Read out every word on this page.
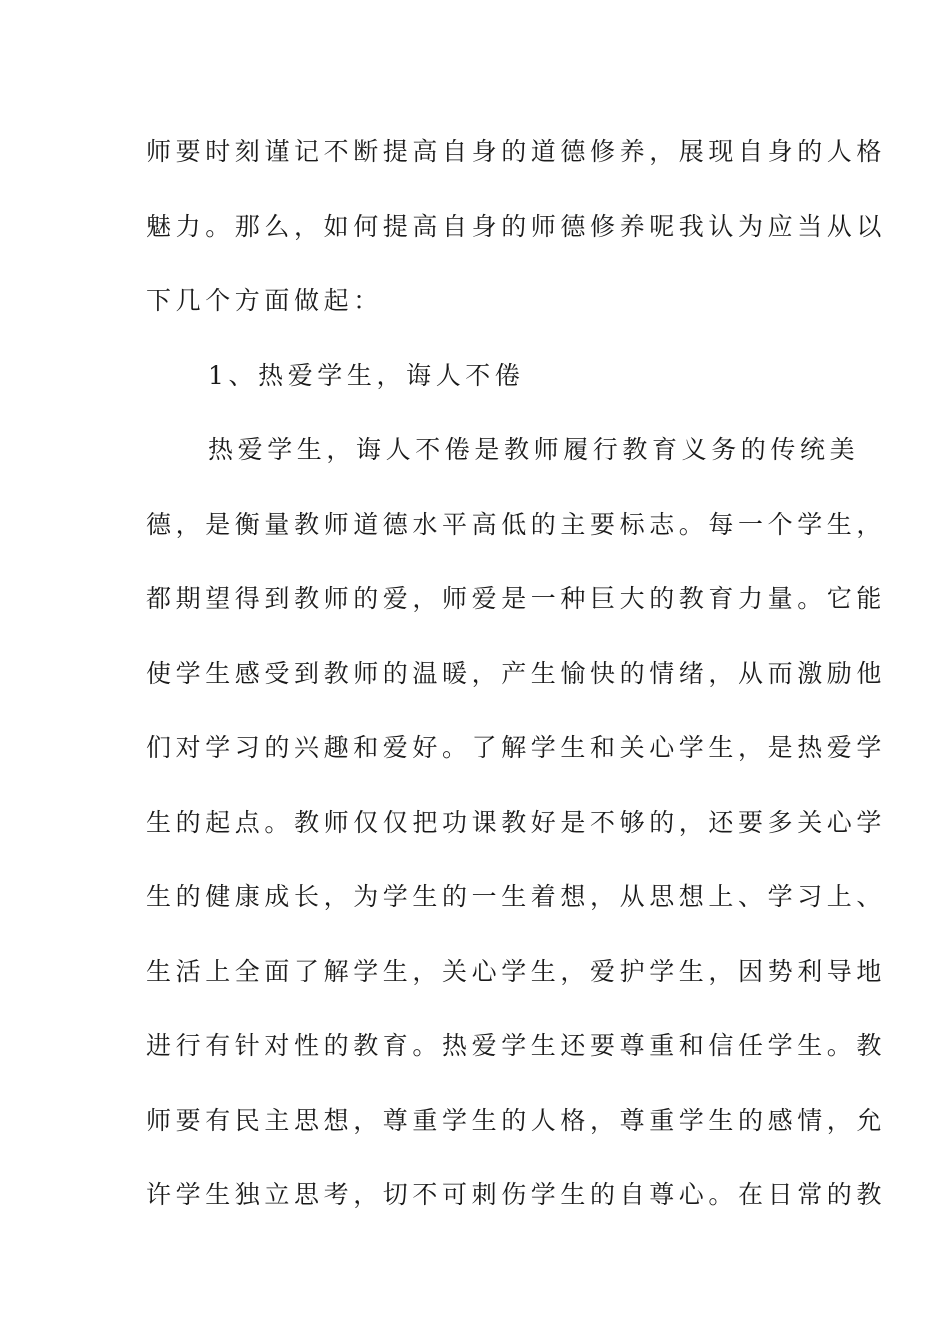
师要时刻谨记不断提高自身的道德修养，展现自身的人格
魅力。那么，如何提高自身的师德修养呢我认为应当从以
下几个方面做起：
1、热爱学生，诲人不倦
热爱学生，诲人不倦是教师履行教育义务的传统美
德，是衡量教师道德水平高低的主要标志。每一个学生，
都期望得到教师的爱，师爱是一种巨大的教育力量。它能
使学生感受到教师的温暖，产生愉快的情绪，从而激励他
们对学习的兴趣和爱好。了解学生和关心学生，是热爱学
生的起点。教师仅仅把功课教好是不够的，还要多关心学
生的健康成长，为学生的一生着想，从思想上、学习上、
生活上全面了解学生，关心学生，爱护学生，因势利导地
进行有针对性的教育。热爱学生还要尊重和信任学生。教
师要有民主思想，尊重学生的人格，尊重学生的感情，允
许学生独立思考，切不可刺伤学生的自尊心。在日常的教
